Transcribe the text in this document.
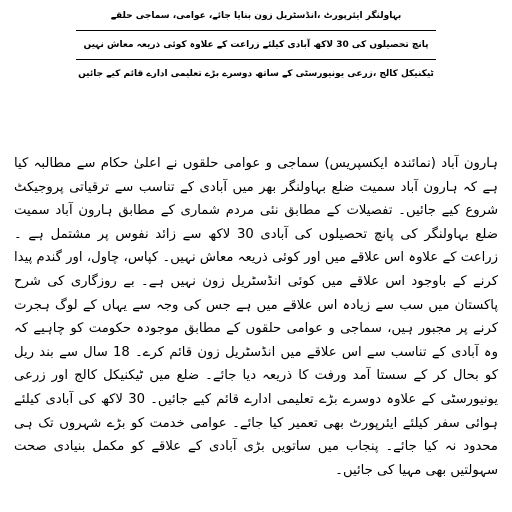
بہاولنگر ایئرپورٹ ،انڈسٹریل زون بنایا جائے، عوامی، سماجی حلقے
پانچ تحصیلوں کی 30 لاکھ آبادی کیلئے زراعت کے علاوہ کوئی ذریعہ معاش نہیں
ٹیکنیکل کالج ،زرعی یونیورسٹی کے ساتھ دوسرے بڑے تعلیمی ادارے قائم کیے جائیں
ہارون آباد (نمائندہ ایکسپریس) سماجی و عوامی حلقوں نے اعلیٰ حکام سے مطالبہ کیا ہے کہ ہارون آباد سمیت ضلع بہاولنگر بھر میں آبادی کے تناسب سے ترقیاتی پروجیکٹ شروع کیے جائیں۔ تفصیلات کے مطابق نئی مردم شماری کے مطابق ہارون آباد سمیت ضلع بہاولنگر کی پانچ تحصیلوں کی آبادی 30 لاکھ سے زائد نفوس پر مشتمل ہے ۔ زراعت کے علاوہ اس علاقے میں اور کوئی ذریعہ معاش نہیں۔ کپاس، چاول، اور گندم پیدا کرنے کے باوجود اس علاقے میں کوئی انڈسٹریل زون نہیں ہے۔ بے روزگاری کی شرح پاکستان میں سب سے زیادہ اس علاقے میں ہے جس کی وجہ سے یہاں کے لوگ ہجرت کرنے پر مجبور ہیں، سماجی و عوامی حلقوں کے مطابق موجودہ حکومت کو چاہیے کہ وہ آبادی کے تناسب سے اس علاقے میں انڈسٹریل زون قائم کرے۔ 18 سال سے بند ریل کو بحال کر کے سستا آمد ورفت کا ذریعہ دیا جائے۔ ضلع میں ٹیکنیکل کالج اور زرعی یونیورسٹی کے علاوہ دوسرے بڑے تعلیمی ادارے قائم کیے جائیں۔ 30 لاکھ کی آبادی کیلئے ہوائی سفر کیلئے ایئرپورٹ بھی تعمیر کیا جائے۔ عوامی خدمت کو بڑے شہروں تک ہی محدود نہ کیا جائے۔ پنجاب میں ساتویں بڑی آبادی کے علاقے کو مکمل بنیادی صحت سہولتیں بھی مہیا کی جائیں۔
